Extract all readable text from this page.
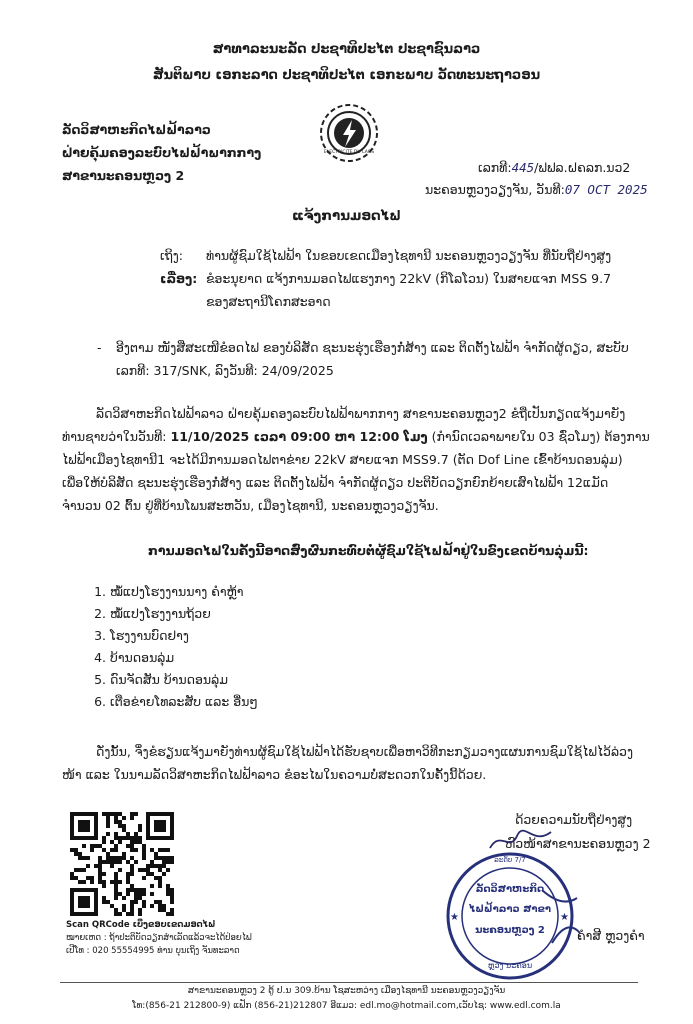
ສາທາລະນະລັດ ປະຊາທິປະໄຕ ປະຊາຊົນລາວ
ສັນຕິພາບ ເອກະລາດ ປະຊາທິປະໄຕ ເອກະພາບ ວັດທະນະຖາວອນ
ລັດວິສາຫະກິດໄຟຟ້າລາວ
ຝ່າຍຄຸ້ມຄອງລະບົບໄຟຟ້າພາກກາງ
ສາຂານະຄອນຫຼວງ 2
ELECTRICITE DU LAOS
ເລກທີ:445/ຟຟລ.ຝຄລກ.ນວ2
ນະຄອນຫຼວງວຽງຈັນ, ວັນທີ:07 OCT 2025
ແຈ້ງການມອດໄຟ
ເຖິງ: ທ່ານຜູ້ຊົມໃຊ້ໄຟຟ້າ ໃນຂອບເຂດເມືອງໄຊທານີ ນະຄອນຫຼວງວຽງຈັນ ທີ່ນັບຖືຢ່າງສູງ
ເລື່ອງ: ຂໍອະນຸຍາດ ແຈ້ງການມອດໄຟແຮງກາງ 22kV (ກິໂລໂວນ) ໃນສາຍແຈກ MSS 9.7
ຂອງສະຖານີໂຄກສະອາດ
- ອີງຕາມ ໜັງສືສະເໜີຂໍອດໄຟ ຂອງບໍລິສັດ ຊະນະຮຸ່ງເຮືອງກໍ່ສ້າງ ແລະ ຕິດຕັ້ງໄຟຟ້າ ຈຳກັດຜູ້ດຽວ, ສະບັບ
ເລກທີ: 317/SNK, ລົງວັນທີ: 24/09/2025
ລັດວິສາຫະກິດໄຟຟ້າລາວ ຝ່າຍຄຸ້ມຄອງລະບົບໄຟຟ້າພາກກາງ ສາຂານະຄອນຫຼວງ2 ຂໍຖືເປັນກຽດແຈ້ງມາຍັງ
ທ່ານຊາບວ່າໃນວັນທີ: 11/10/2025 ເວລາ 09:00 ຫາ 12:00 ໂມງ (ກຳນົດເວລາພາຍໃນ 03 ຊົ່ວໂມງ) ຕ້ອງການ
ໄຟຟ້າເມືອງໄຊທານີ1 ຈະໄດ້ມີການມອດໄຟຕາຂ່າຍ 22kV ສາຍແຈກ MSS9.7 (ຕັດ Dof Line ເຂົ້າບ້ານດອນລຸ່ມ)
ເພື່ອໃຫ້ບໍລິສັດ ຊະນະຮຸ່ງເຮືອງກໍ່ສ້າງ ແລະ ຕິດຕັ້ງໄຟຟ້າ ຈຳກັດຜູ້ດຽວ ປະຕິບັດວຽກຍົກຍ້າຍເສົາໄຟຟ້າ 12ແມັດ
ຈຳນວນ 02 ຕົ້ນ ຢູ່ທີ່ບ້ານໂພນສະຫວັນ, ເມືອງໄຊທານີ, ນະຄອນຫຼວງວຽງຈັນ.
ການມອດໄຟໃນຄັ້ງນີ້ອາດສົ່ງຜົນກະທົບຕໍ່ຜູ້ຊົມໃຊ້ໄຟຟ້າຢູ່ໃນຂົງເຂດບ້ານລຸ່ມນີ້:
1. ໝໍ້ແປງໂຮງງານນາງ ຄຳຫຼ້າ
2. ໝໍ້ແປງໂຮງງານຖ້ວຍ
3. ໂຮງງານບົດຢາງ
4. ບ້ານດອນລຸ່ມ
5. ດົນຈັດສັນ ບ້ານດອນລຸ່ມ
6. ເຕືອຂ່າຍໂທລະສັບ ແລະ ອື່ນໆ
ດັ່ງນັ້ນ, ຈຶ່ງຂໍຮຽນແຈ້ງມາຍັງທ່ານຜູ້ຊົມໃຊ້ໄຟຟ້າໄດ້ຮັບຊາບເພື່ອຫາວິທີກະກຽມວາງແຜນການຊົມໃຊ້ໄຟໄວ້ລ່ວງ
ໜ້າ ແລະ ໃນນາມລັດວິສາຫະກິດໄຟຟ້າລາວ ຂໍອະໄພໃນຄວາມບໍ່ສະດວກໃນຄັ້ງນີ້ດ້ວຍ.
ດ້ວຍຄວາມນັບຖືຢ່າງສູງ
ຫົວໜ້າສາຂານະຄອນຫຼວງ 2
ຄຳສີ ຫຼວງຄຳ
★	★
ລັດວິສາຫະກິດ
ໄຟຟ້າລາວ ສາຂາ
ນະຄອນຫຼວງ 2
ລະດັບ 7/7
ຫຼວງ ນະຄອນ
Scan QRCode ເບິ່ງຂອບເຂດມອດໄຟ
ໝາຍເຫດ : ຖ້າປະຕິບັດວຽກສຳເລັດແລ້ວຈະໄດ້ປ່ອຍໄຟ
ເປີໂທ : 020 55554995 ທ່ານ ບຸນເຖິງ ຈັນທະລາດ
ສາຂານະຄອນຫຼວງ 2 ຕູ້ ປ.ນ 309.ບ້ານ ໂຊສະຫວ່າງ ເມືອງໄຊທານີ ນະຄອນຫຼວງວຽງຈັນ
ໂທ:(856-21 212800-9) ແຟັກ (856-21)212807 ອີແມວ: edl.mo@hotmail.com,ເວັບໄຊ: www.edl.com.la
